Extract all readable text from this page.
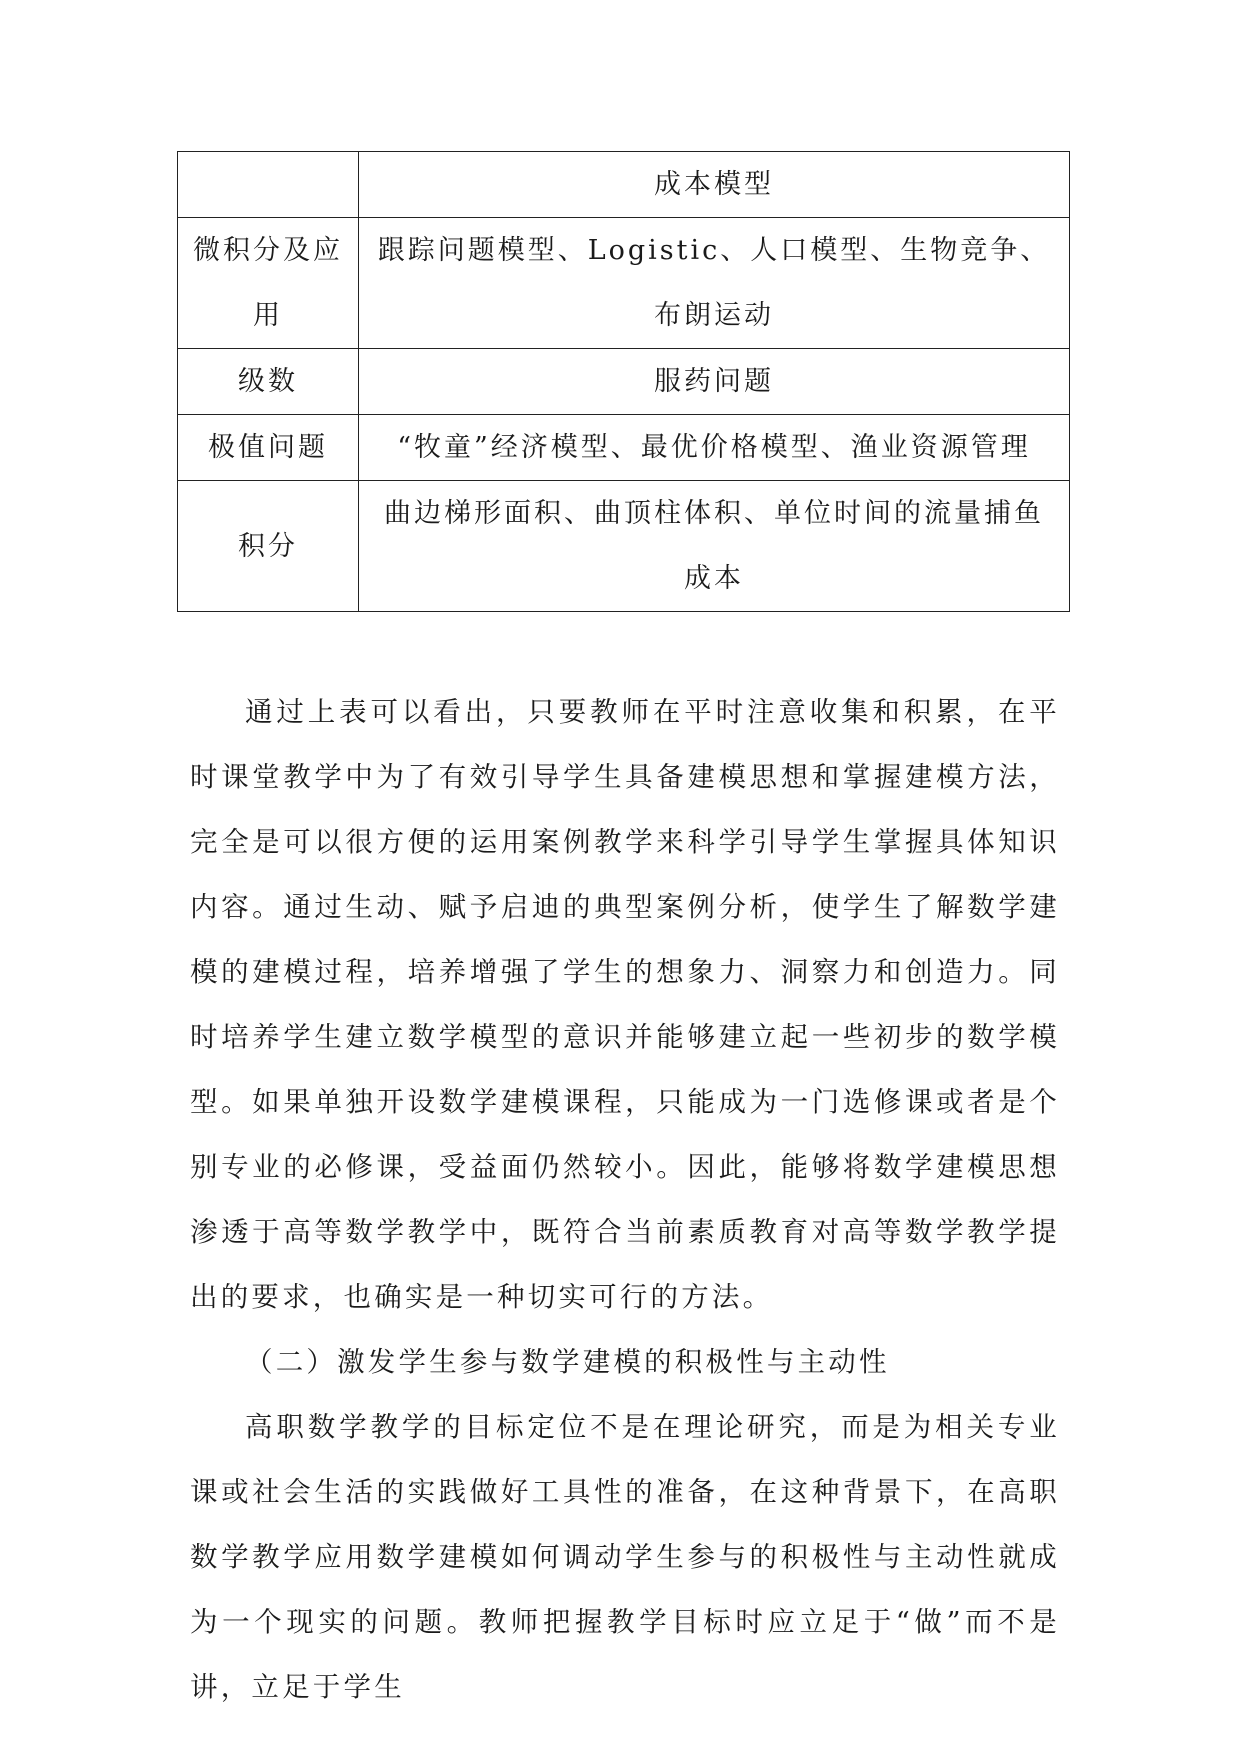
	成本模型
微积分及应用	跟踪问题模型、Logistic、人口模型、生物竞争、布朗运动
级数	服药问题
极值问题	“牧童”经济模型、最优价格模型、渔业资源管理
积分	曲边梯形面积、曲顶柱体积、单位时间的流量捕鱼成本

通过上表可以看出，只要教师在平时注意收集和积累，在平时课堂教学中为了有效引导学生具备建模思想和掌握建模方法，完全是可以很方便的运用案例教学来科学引导学生掌握具体知识内容。通过生动、赋予启迪的典型案例分析，使学生了解数学建模的建模过程，培养增强了学生的想象力、洞察力和创造力。同时培养学生建立数学模型的意识并能够建立起一些初步的数学模型。如果单独开设数学建模课程，只能成为一门选修课或者是个别专业的必修课，受益面仍然较小。因此，能够将数学建模思想渗透于高等数学教学中，既符合当前素质教育对高等数学教学提出的要求，也确实是一种切实可行的方法。

（二）激发学生参与数学建模的积极性与主动性

高职数学教学的目标定位不是在理论研究，而是为相关专业课或社会生活的实践做好工具性的准备，在这种背景下，在高职数学教学应用数学建模如何调动学生参与的积极性与主动性就成为一个现实的问题。教师把握教学目标时应立足于“做”而不是讲，立足于学生
